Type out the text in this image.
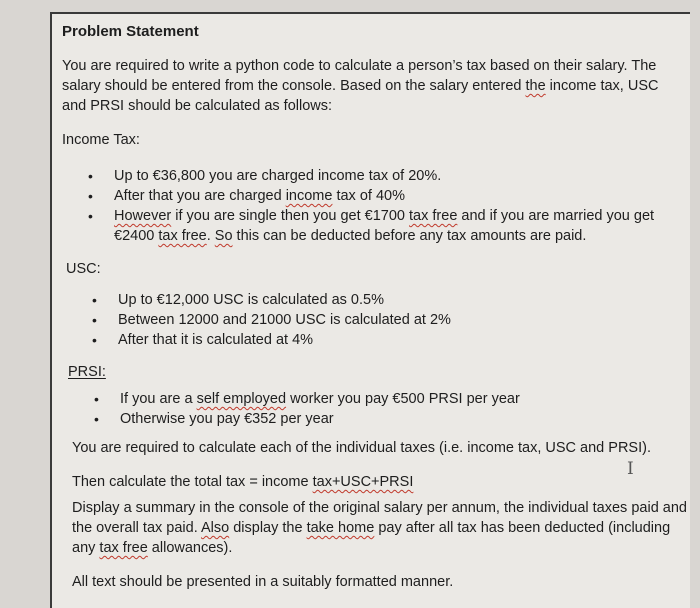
Problem Statement

You are required to write a python code to calculate a person’s tax based on their salary. The salary should be entered from the console. Based on the salary entered the income tax, USC and PRSI should be calculated as follows:

Income Tax:

• Up to €36,800 you are charged income tax of 20%.
• After that you are charged income tax of 40%
• However if you are single then you get €1700 tax free and if you are married you get €2400 tax free. So this can be deducted before any tax amounts are paid.

USC:

• Up to €12,000 USC is calculated as 0.5%
• Between 12000 and 21000 USC is calculated at 2%
• After that it is calculated at 4%

PRSI:

• If you are a self employed worker you pay €500 PRSI per year
• Otherwise you pay €352 per year

You are required to calculate each of the individual taxes (i.e. income tax, USC and PRSI).

Then calculate the total tax = income tax+USC+PRSI

I

Display a summary in the console of the original salary per annum, the individual taxes paid and the overall tax paid. Also display the take home pay after all tax has been deducted (including any tax free allowances).

All text should be presented in a suitably formatted manner.
